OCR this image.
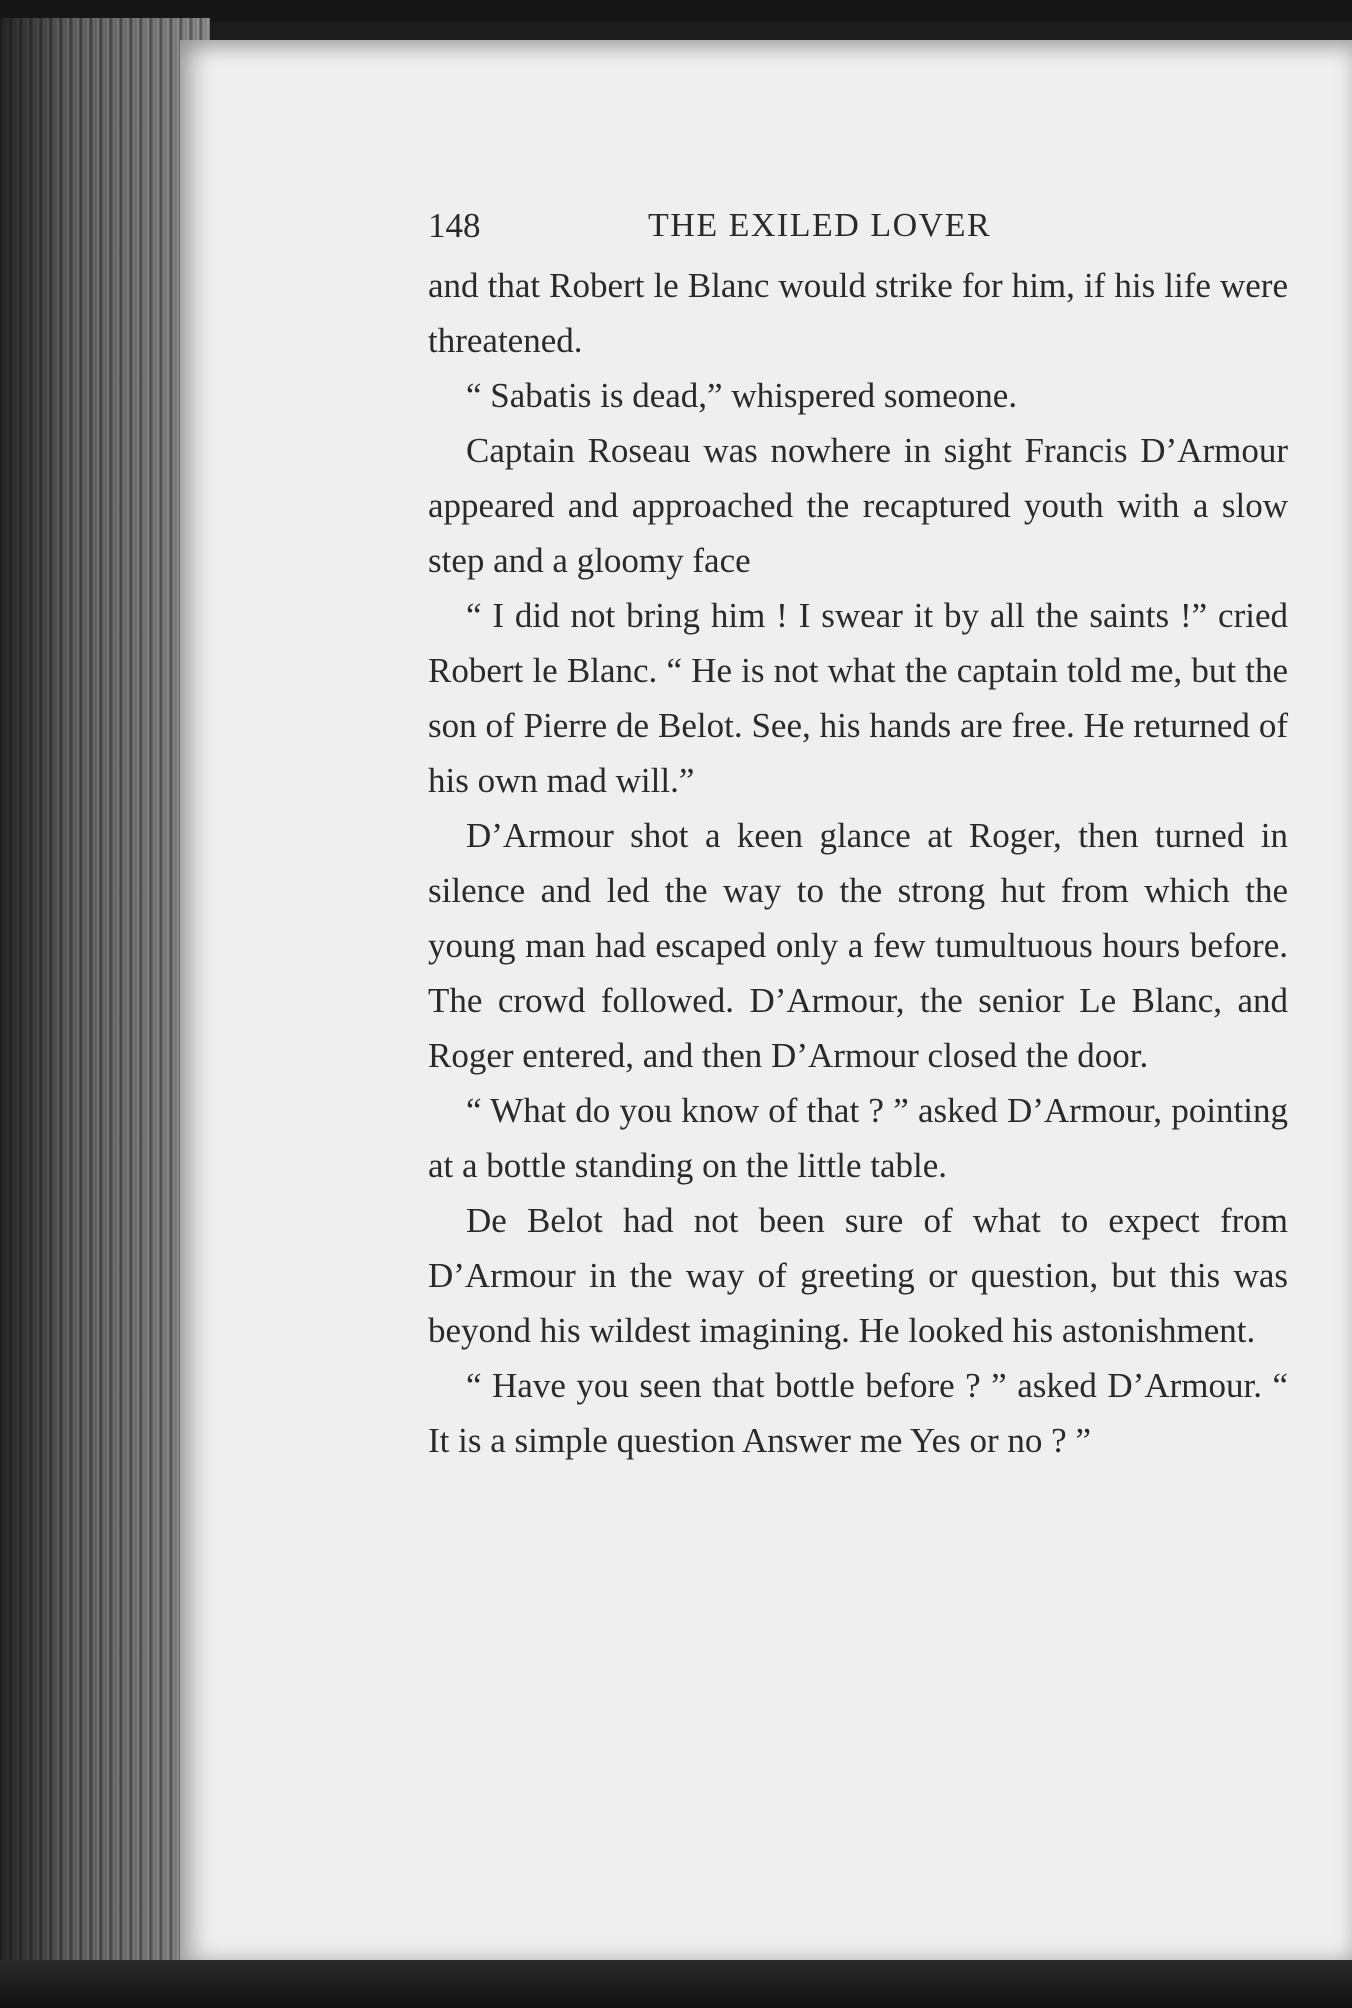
148	THE EXILED LOVER

and that Robert le Blanc would strike for him, if his life were threatened.

“ Sabatis is dead,” whispered someone.

Captain Roseau was nowhere in sight Francis D’Armour appeared and approached the recaptured youth with a slow step and a gloomy face

“ I did not bring him ! I swear it by all the saints !” cried Robert le Blanc. “ He is not what the captain told me, but the son of Pierre de Belot. See, his hands are free. He returned of his own mad will.”

D’Armour shot a keen glance at Roger, then turned in silence and led the way to the strong hut from which the young man had escaped only a few tumultuous hours before. The crowd followed. D’Armour, the senior Le Blanc, and Roger entered, and then D’Armour closed the door.

“ What do you know of that ? ” asked D’Armour, pointing at a bottle standing on the little table.

De Belot had not been sure of what to expect from D’Armour in the way of greeting or question, but this was beyond his wildest imagining. He looked his astonishment.

“ Have you seen that bottle before ? ” asked D’Armour. “ It is a simple question Answer me Yes or no ? ”
